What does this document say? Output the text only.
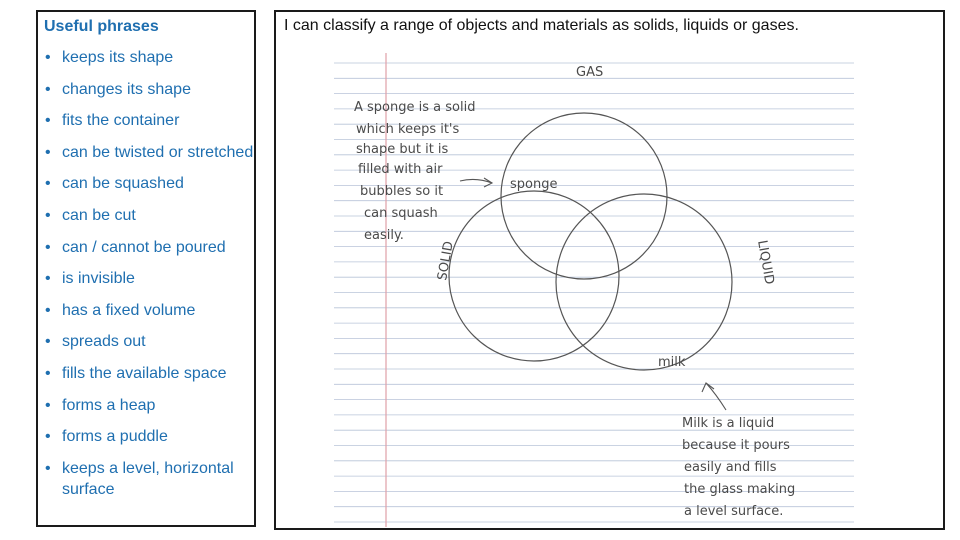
Useful phrases
• keeps its shape
• changes its shape
• fits the container
• can be twisted or stretched
• can be squashed
• can be cut
• can / cannot be poured
• is invisible
• has a fixed volume
• spreads out
• fills the available space
• forms a heap
• forms a puddle
• keeps a level, horizontal surface
I can classify a range of objects and materials as solids, liquids or gases.
GAS
SOLID	LIQUID
sponge
milk
A sponge is a solid
which keeps it's
shape but it is
filled with air
bubbles so it
can squash
easily.
Milk is a liquid
because it pours
easily and fills
the glass making
a level surface.
